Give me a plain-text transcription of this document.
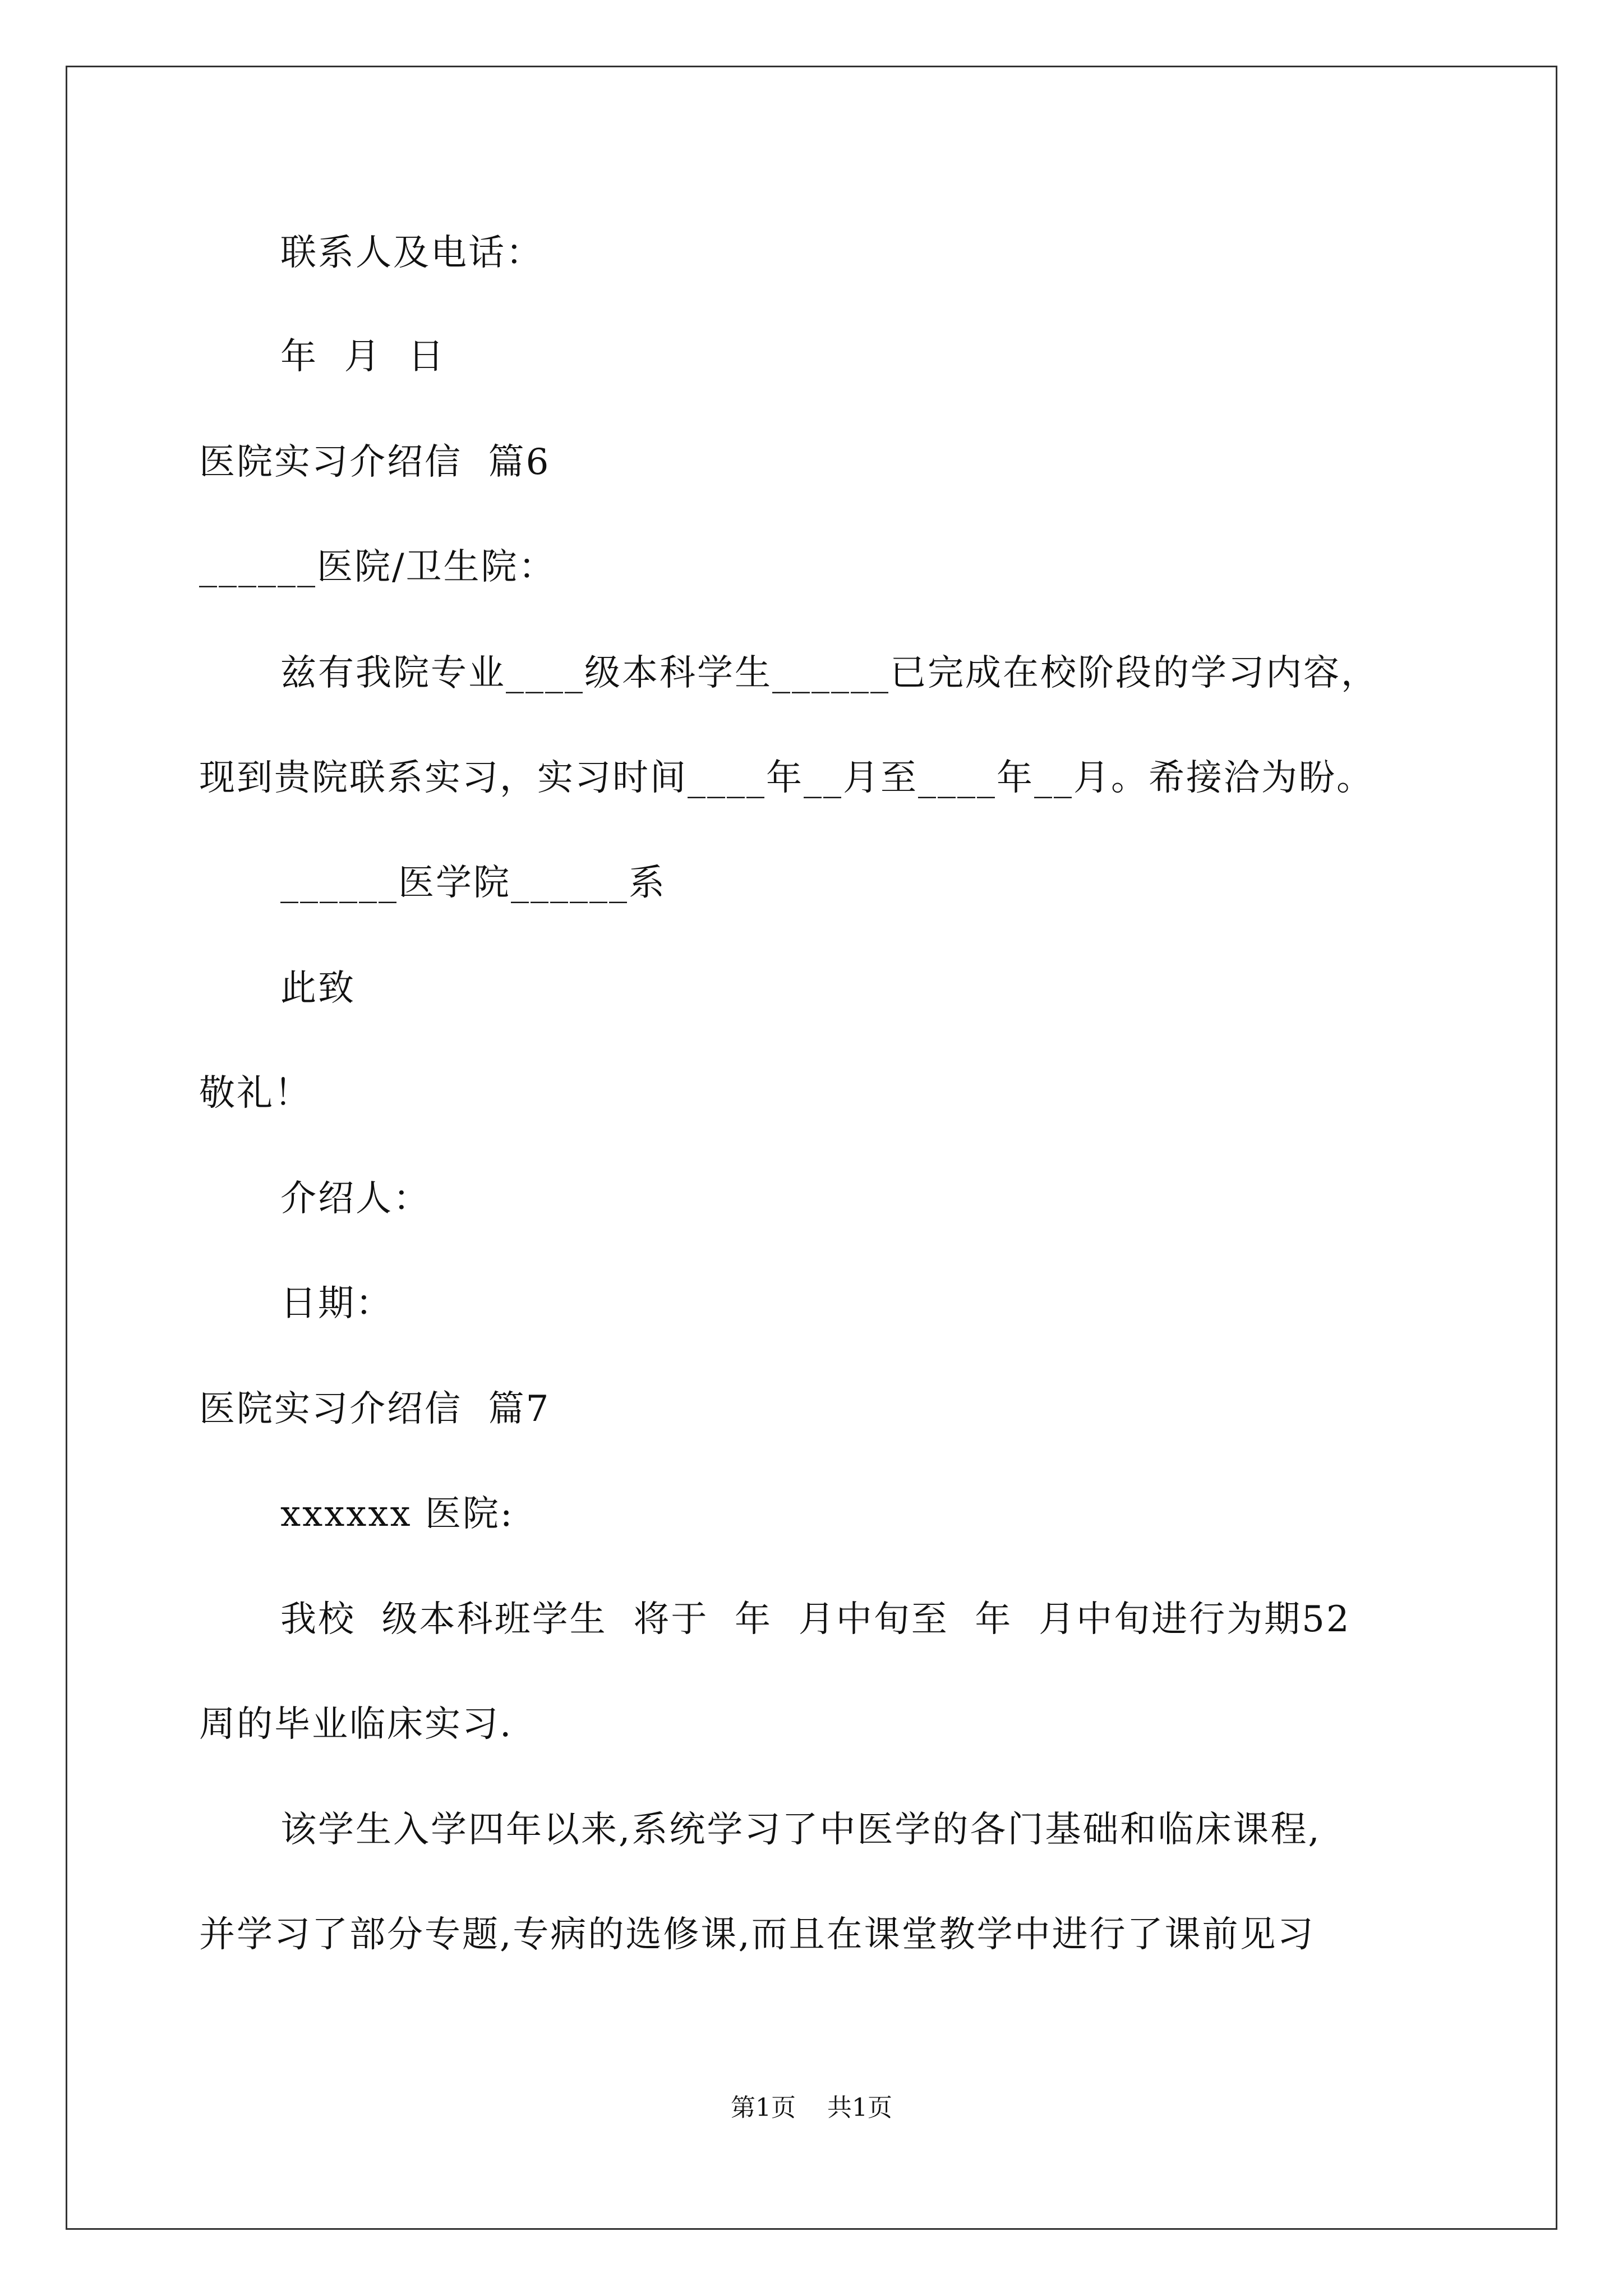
联系人及电话：
年  月  日
医院实习介绍信  篇6
______医院/卫生院：
兹有我院专业____级本科学生______已完成在校阶段的学习内容，
现到贵院联系实习，实习时间____年__月至____年__月。希接洽为盼。
______医学院______系
此致
敬礼！
介绍人：
日期：
医院实习介绍信  篇7
xxxxxx 医院:
我校  级本科班学生  将于  年  月中旬至  年  月中旬进行为期52
周的毕业临床实习.
该学生入学四年以来,系统学习了中医学的各门基础和临床课程,
并学习了部分专题,专病的选修课,而且在课堂教学中进行了课前见习
第1页    共1页
